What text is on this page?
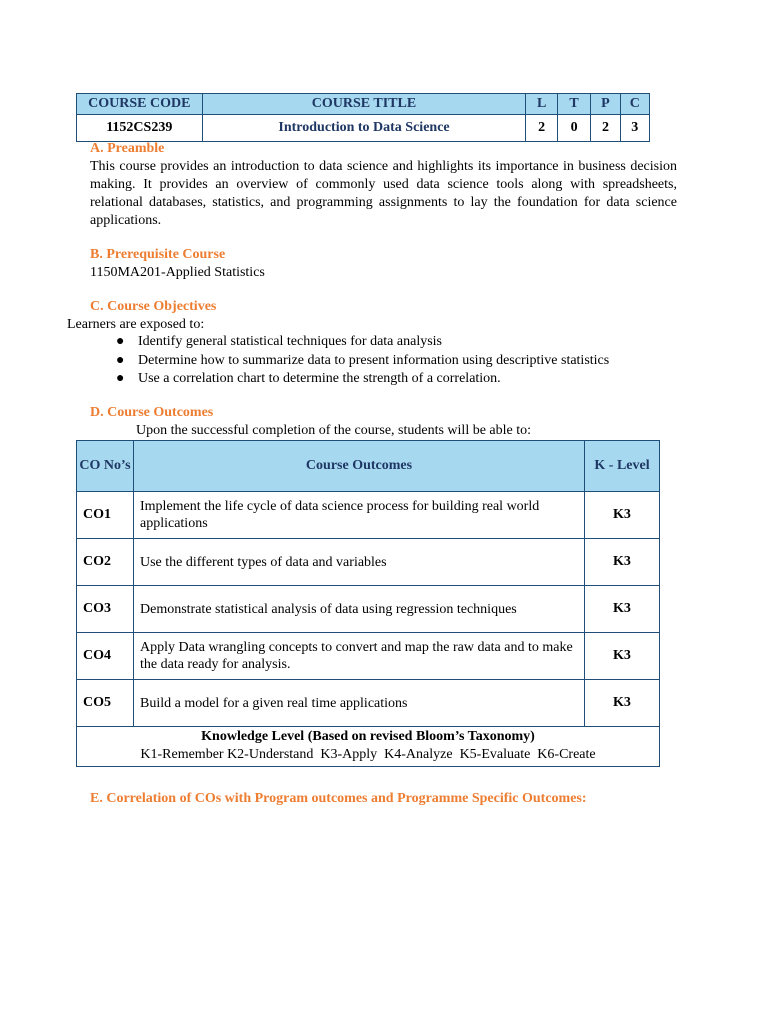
COURSE CODE	COURSE TITLE	L	T	P	C
1152CS239	Introduction to Data Science	2	0	2	3
A. Preamble
This course provides an introduction to data science and highlights its importance in business decision making. It provides an overview of commonly used data science tools along with spreadsheets, relational databases, statistics, and programming assignments to lay the foundation for data science applications.
B. Prerequisite Course
1150MA201-Applied Statistics
C. Course Objectives
Learners are exposed to:
● Identify general statistical techniques for data analysis
● Determine how to summarize data to present information using descriptive statistics
● Use a correlation chart to determine the strength of a correlation.
D. Course Outcomes
Upon the successful completion of the course, students will be able to:
CO No’s	Course Outcomes	K - Level
CO1	Implement the life cycle of data science process for building real world applications	K3
CO2	Use the different types of data and variables	K3
CO3	Demonstrate statistical analysis of data using regression techniques	K3
CO4	Apply Data wrangling concepts to convert and map the raw data and to make the data ready for analysis.	K3
CO5	Build a model for a given real time applications	K3

Knowledge Level (Based on revised Bloom’s Taxonomy)
K1-Remember K2-Understand  K3-Apply  K4-Analyze  K5-Evaluate  K6-Create		
E. Correlation of COs with Program outcomes and Programme Specific Outcomes:
